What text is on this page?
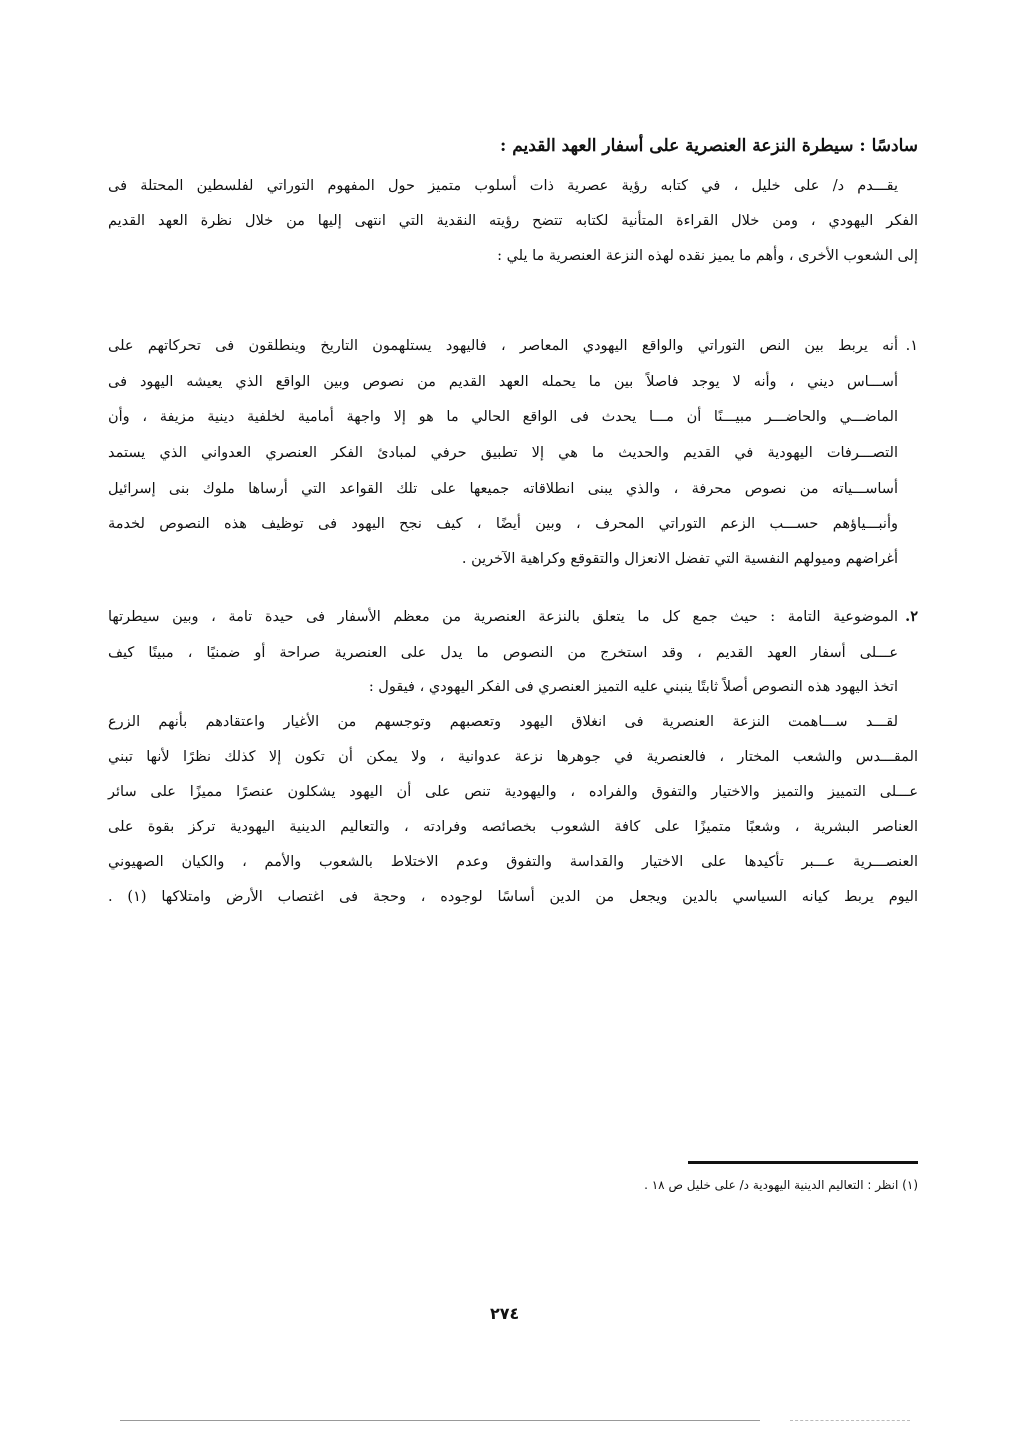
سادسًا : سيطرة النزعة العنصرية على أسفار العهد القديم :
يقـــدم د/ على خليل ، في كتابه رؤية عصرية ذات أسلوب متميز حول المفهوم التوراتي لفلسطين المحتلة فى
الفكر اليهودي ، ومن خلال القراءة المتأنية لكتابه تتضح رؤيته النقدية التي انتهى إليها من خلال نظرة العهد القديم
إلى الشعوب الأخرى ، وأهم ما يميز نقده لهذه النزعة العنصرية ما يلي :
١.
أنه يربط بين النص التوراتي والواقع اليهودي المعاصر ، فاليهود يستلهمون التاريخ وينطلقون فى تحركاتهم على
أســـاس ديني ، وأنه لا يوجد فاصلاً بين ما يحمله العهد القديم من نصوص وبين الواقع الذي يعيشه اليهود فى
الماضـــي والحاضـــر مبيـــنًا أن مـــا يحدث فى الواقع الحالي ما هو إلا واجهة أمامية لخلفية دينية مزيفة ، وأن
التصـــرفات اليهودية في القديم والحديث ما هي إلا تطبيق حرفي لمبادئ الفكر العنصري العدواني الذي يستمد
أساســـياته من نصوص محرفة ، والذي يبنى انطلاقاته جميعها على تلك القواعد التي أرساها ملوك بنى إسرائيل
وأنبـــياؤهم حســـب الزعم التوراتي المحرف ، وبين أيضًا ، كيف نجح اليهود فى توظيف هذه النصوص لخدمة
أغراضهم وميولهم النفسية التي تفضل الانعزال والتقوقع وكراهية الآخرين .
٢.
الموضوعية التامة : حيث جمع كل ما يتعلق بالنزعة العنصرية من معظم الأسفار فى حيدة تامة ، وبين سيطرتها
عـــلى أسفار العهد القديم ، وقد استخرج من النصوص ما يدل على العنصرية صراحة أو ضمنيًا ، مبينًا كيف
اتخذ اليهود هذه النصوص أصلاً ثابتًا ينبني عليه التميز العنصري فى الفكر اليهودي ، فيقول :
لقـــد ســـاهمت النزعة العنصرية فى انغلاق اليهود وتعصبهم وتوجسهم من الأغيار واعتقادهم بأنهم الزرع
المقـــدس والشعب المختار ، فالعنصرية في جوهرها نزعة عدوانية ، ولا يمكن أن تكون إلا كذلك نظرًا لأنها تبني
عـــلى التمييز والتميز والاختيار والتفوق والفراده ، واليهودية تنص على أن اليهود يشكلون عنصرًا مميزًا على سائر
العناصر البشرية ، وشعبًا متميزًا على كافة الشعوب بخصائصه وفرادته ، والتعاليم الدينية اليهودية تركز بقوة على
العنصـــرية عـــبر تأكيدها على الاختيار والقداسة والتفوق وعدم الاختلاط بالشعوب والأمم ، والكيان الصهيوني
اليوم يربط كيانه السياسي بالدين ويجعل من الدين أساسًا لوجوده ، وحجة فى اغتصاب الأرض وامتلاكها (١) .
(١) انظر : التعاليم الدينية اليهودية د/ على خليل ص ١٨ .
٢٧٤
